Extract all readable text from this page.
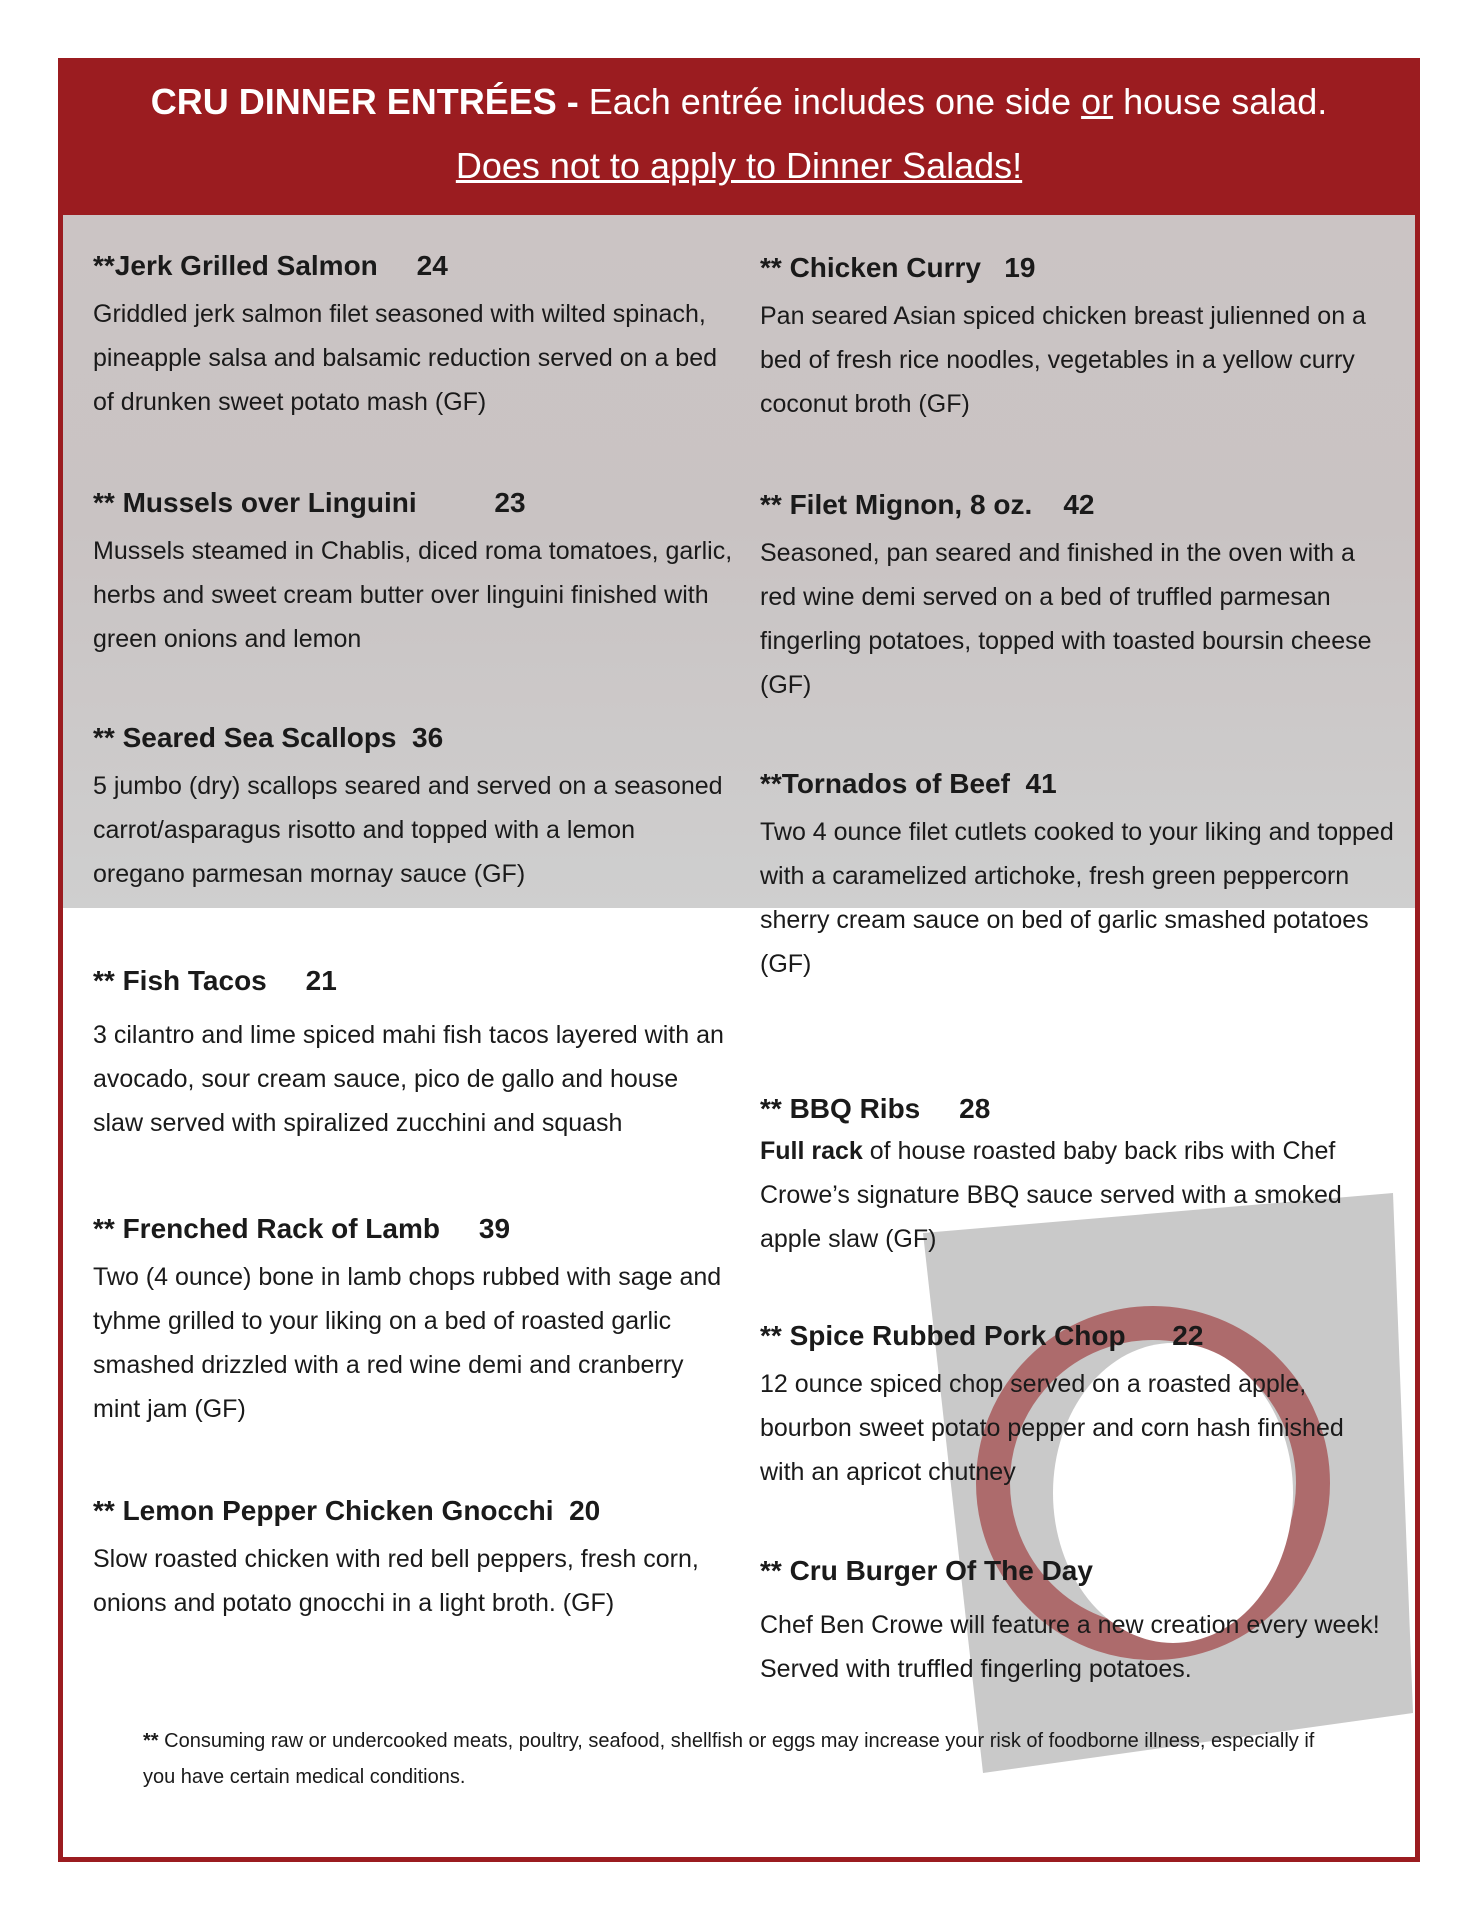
CRU DINNER ENTRÉES - Each entrée includes one side or house salad.
Does not to apply to Dinner Salads!
**Jerk Grilled Salmon     24

Griddled jerk salmon filet seasoned with wilted spinach, pineapple salsa and balsamic reduction served on a bed of drunken sweet potato mash (GF)

** Mussels over Linguini          23

Mussels steamed in Chablis, diced roma tomatoes, garlic, herbs and sweet cream butter over linguini finished with green onions and lemon

** Seared Sea Scallops  36

5 jumbo (dry) scallops seared and served on a seasoned carrot/asparagus risotto and topped with a lemon oregano parmesan mornay sauce (GF)

** Fish Tacos     21

3 cilantro and lime spiced mahi fish tacos layered with an avocado, sour cream sauce, pico de gallo and house slaw served with spiralized zucchini and squash

** Frenched Rack of Lamb     39

Two (4 ounce) bone in lamb chops rubbed with sage and tyhme grilled to your liking on a bed of roasted garlic smashed drizzled with a red wine demi and cranberry mint jam (GF)

** Lemon Pepper Chicken Gnocchi  20

Slow roasted chicken with red bell peppers, fresh corn, onions and potato gnocchi in a light broth. (GF)

** Chicken Curry   19

Pan seared Asian spiced chicken breast julienned on a bed of fresh rice noodles, vegetables in a yellow curry coconut broth (GF)

** Filet Mignon, 8 oz.    42

Seasoned, pan seared and finished in the oven with a red wine demi served on a bed of truffled parmesan fingerling potatoes, topped with toasted boursin cheese (GF)

**Tornados of Beef  41

Two 4 ounce filet cutlets cooked to your liking and topped with a caramelized artichoke, fresh green peppercorn sherry cream sauce on bed of garlic smashed potatoes (GF)

** BBQ Ribs     28

Full rack of house roasted baby back ribs with Chef Crowe’s signature BBQ sauce served with a smoked apple slaw (GF)

** Spice Rubbed Pork Chop      22

12 ounce spiced chop served on a roasted apple, bourbon sweet potato pepper and corn hash finished with an apricot chutney

** Cru Burger Of The Day

Chef Ben Crowe will feature a new creation every week! Served with truffled fingerling potatoes.

** Consuming raw or undercooked meats, poultry, seafood, shellfish or eggs may increase your risk of foodborne illness, especially if you have certain medical conditions.
